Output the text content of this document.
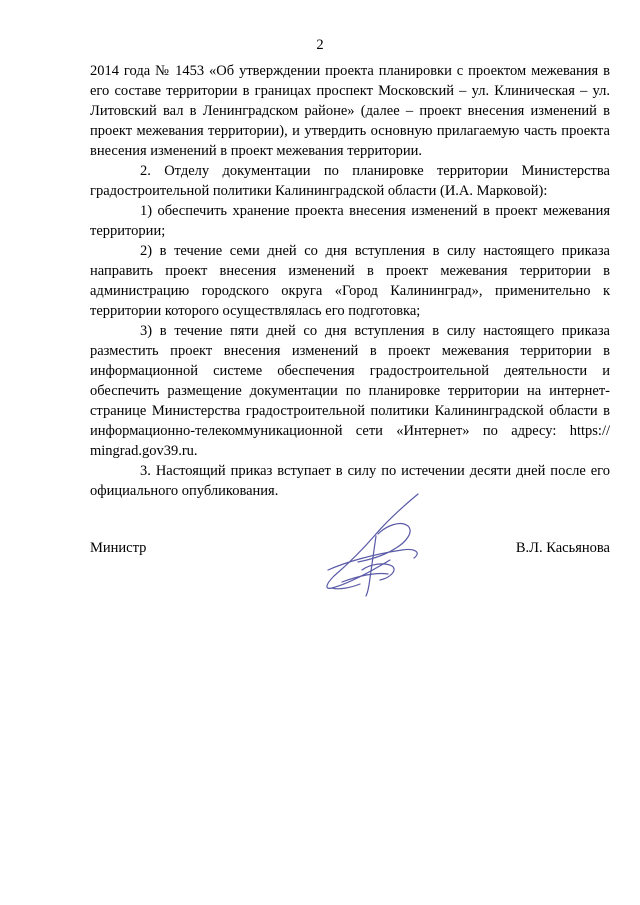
2

2014 года № 1453 «Об утверждении проекта планировки с проектом межевания в его составе территории в границах проспект Московский – ул. Клиническая – ул. Литовский вал в Ленинградском районе» (далее – проект внесения изменений в проект межевания территории), и утвердить основную прилагаемую часть проекта внесения изменений в проект межевания территории.

2. Отделу документации по планировке территории Министерства градостроительной политики Калининградской области (И.А. Марковой):

1) обеспечить хранение проекта внесения изменений в проект межевания территории;

2) в течение семи дней со дня вступления в силу настоящего приказа направить проект внесения изменений в проект межевания территории в администрацию городского округа «Город Калининград», применительно к территории которого осуществлялась его подготовка;

3) в течение пяти дней со дня вступления в силу настоящего приказа разместить проект внесения изменений в проект межевания территории в информационной системе обеспечения градостроительной деятельности и обеспечить размещение документации по планировке территории на интернет-странице Министерства градостроительной политики Калининградской области в информационно-телекоммуникационной сети «Интернет» по адресу: https:// mingrad.gov39.ru.

3. Настоящий приказ вступает в силу по истечении десяти дней после его официального опубликования.

Министр	В.Л. Касьянова
